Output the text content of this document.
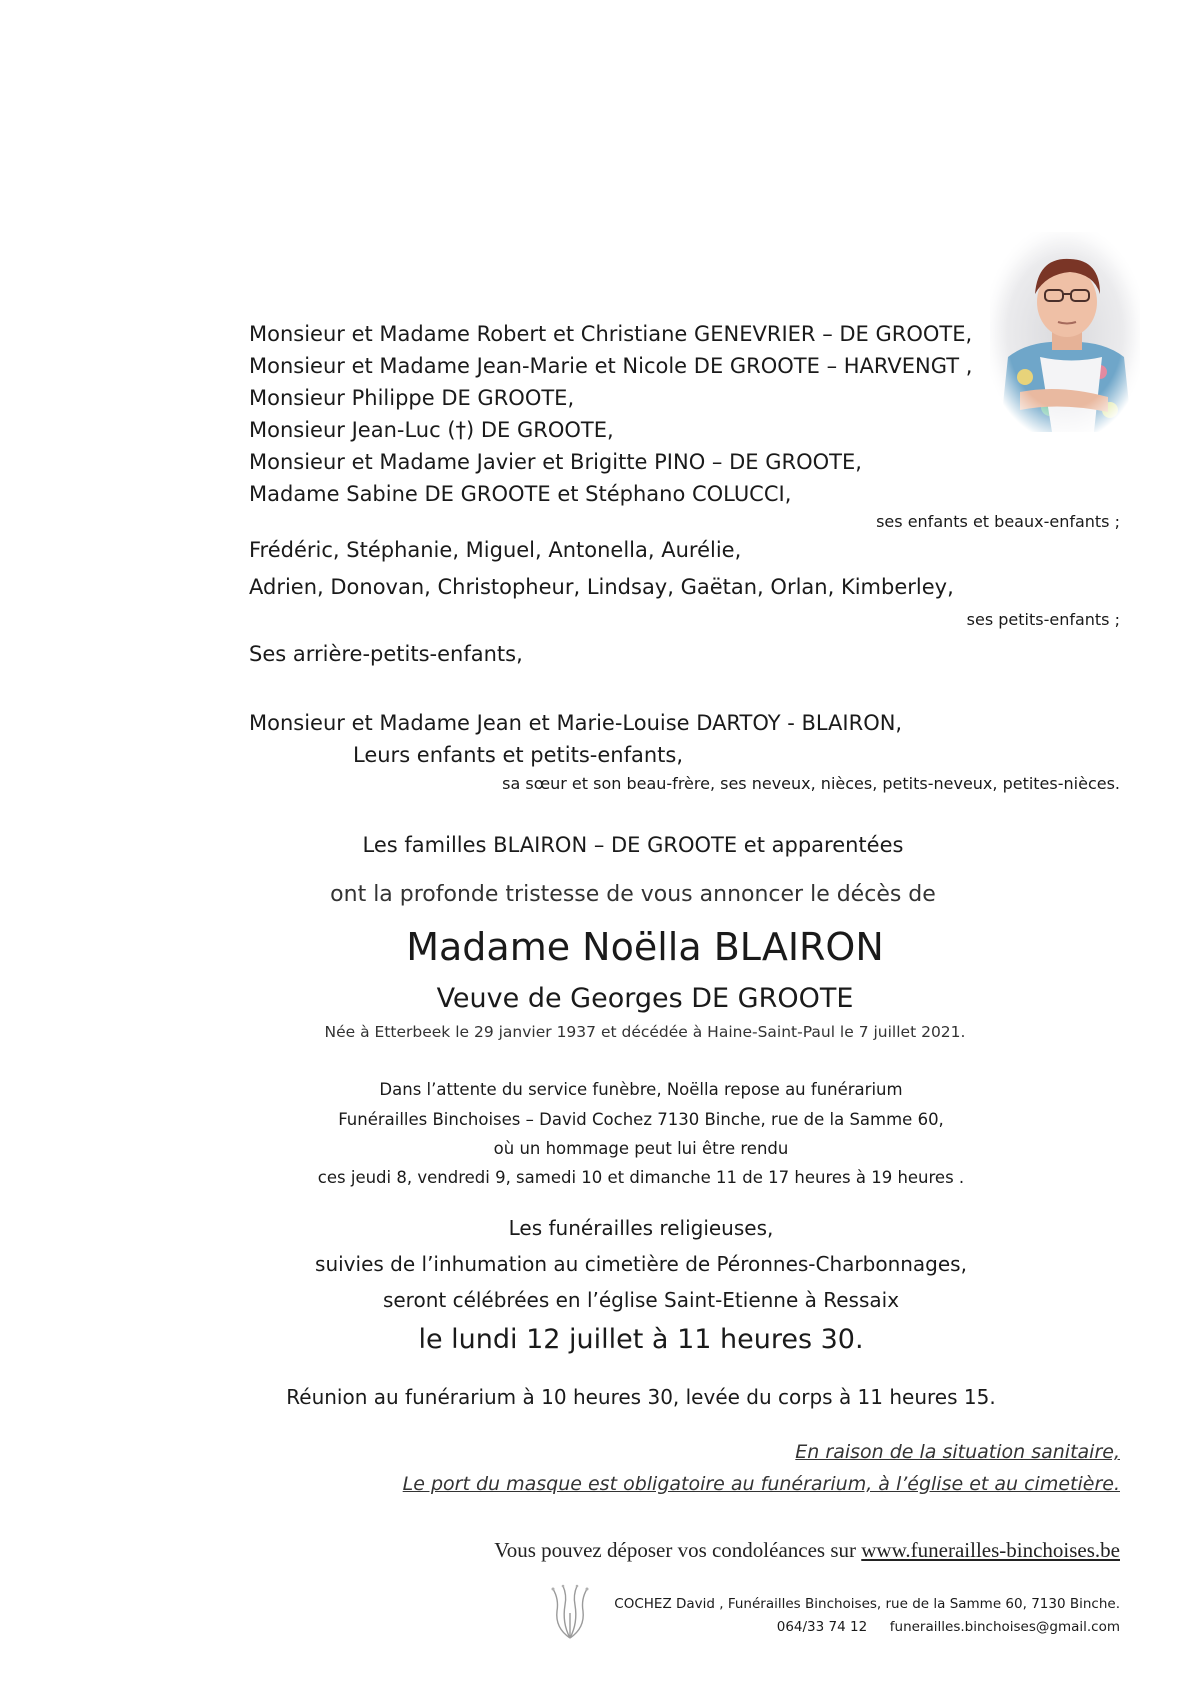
Monsieur et Madame Robert et Christiane GENEVRIER – DE GROOTE,
Monsieur et Madame Jean-Marie et Nicole DE GROOTE – HARVENGT ,
Monsieur Philippe DE GROOTE,
Monsieur Jean-Luc (†) DE GROOTE,
Monsieur et Madame Javier et Brigitte PINO – DE GROOTE,
Madame Sabine DE GROOTE et Stéphano COLUCCI,
ses enfants et beaux-enfants ;
Frédéric, Stéphanie, Miguel, Antonella, Aurélie,
Adrien, Donovan, Christopheur, Lindsay, Gaëtan, Orlan, Kimberley,
ses petits-enfants ;
Ses arrière-petits-enfants,
Monsieur et Madame Jean et Marie-Louise DARTOY - BLAIRON,
Leurs enfants et petits-enfants,
sa sœur et son beau-frère, ses neveux, nièces, petits-neveux, petites-nièces.
Les familles BLAIRON – DE GROOTE et apparentées
ont la profonde tristesse de vous annoncer le décès de
Madame Noëlla BLAIRON
Veuve de Georges DE GROOTE
Née à Etterbeek le 29 janvier 1937 et décédée à Haine-Saint-Paul le 7 juillet 2021.
Dans l’attente du service funèbre, Noëlla repose au funérarium
Funérailles Binchoises – David Cochez 7130 Binche, rue de la Samme 60,
où un hommage peut lui être rendu
ces jeudi 8, vendredi 9, samedi 10 et dimanche 11 de 17 heures à 19 heures .
Les funérailles religieuses,
suivies de l’inhumation au cimetière de Péronnes-Charbonnages,
seront célébrées en l’église Saint-Etienne à Ressaix
le lundi 12 juillet à 11 heures 30.
Réunion au funérarium à 10 heures 30, levée du corps à 11 heures 15.
En raison de la situation sanitaire,
Le port du masque est obligatoire au funérarium, à l’église et au cimetière.
Vous pouvez déposer vos condoléances sur www.funerailles-binchoises.be
COCHEZ David , Funérailles Binchoises, rue de la Samme 60, 7130 Binche.
064/33 74 12 funerailles.binchoises@gmail.com
